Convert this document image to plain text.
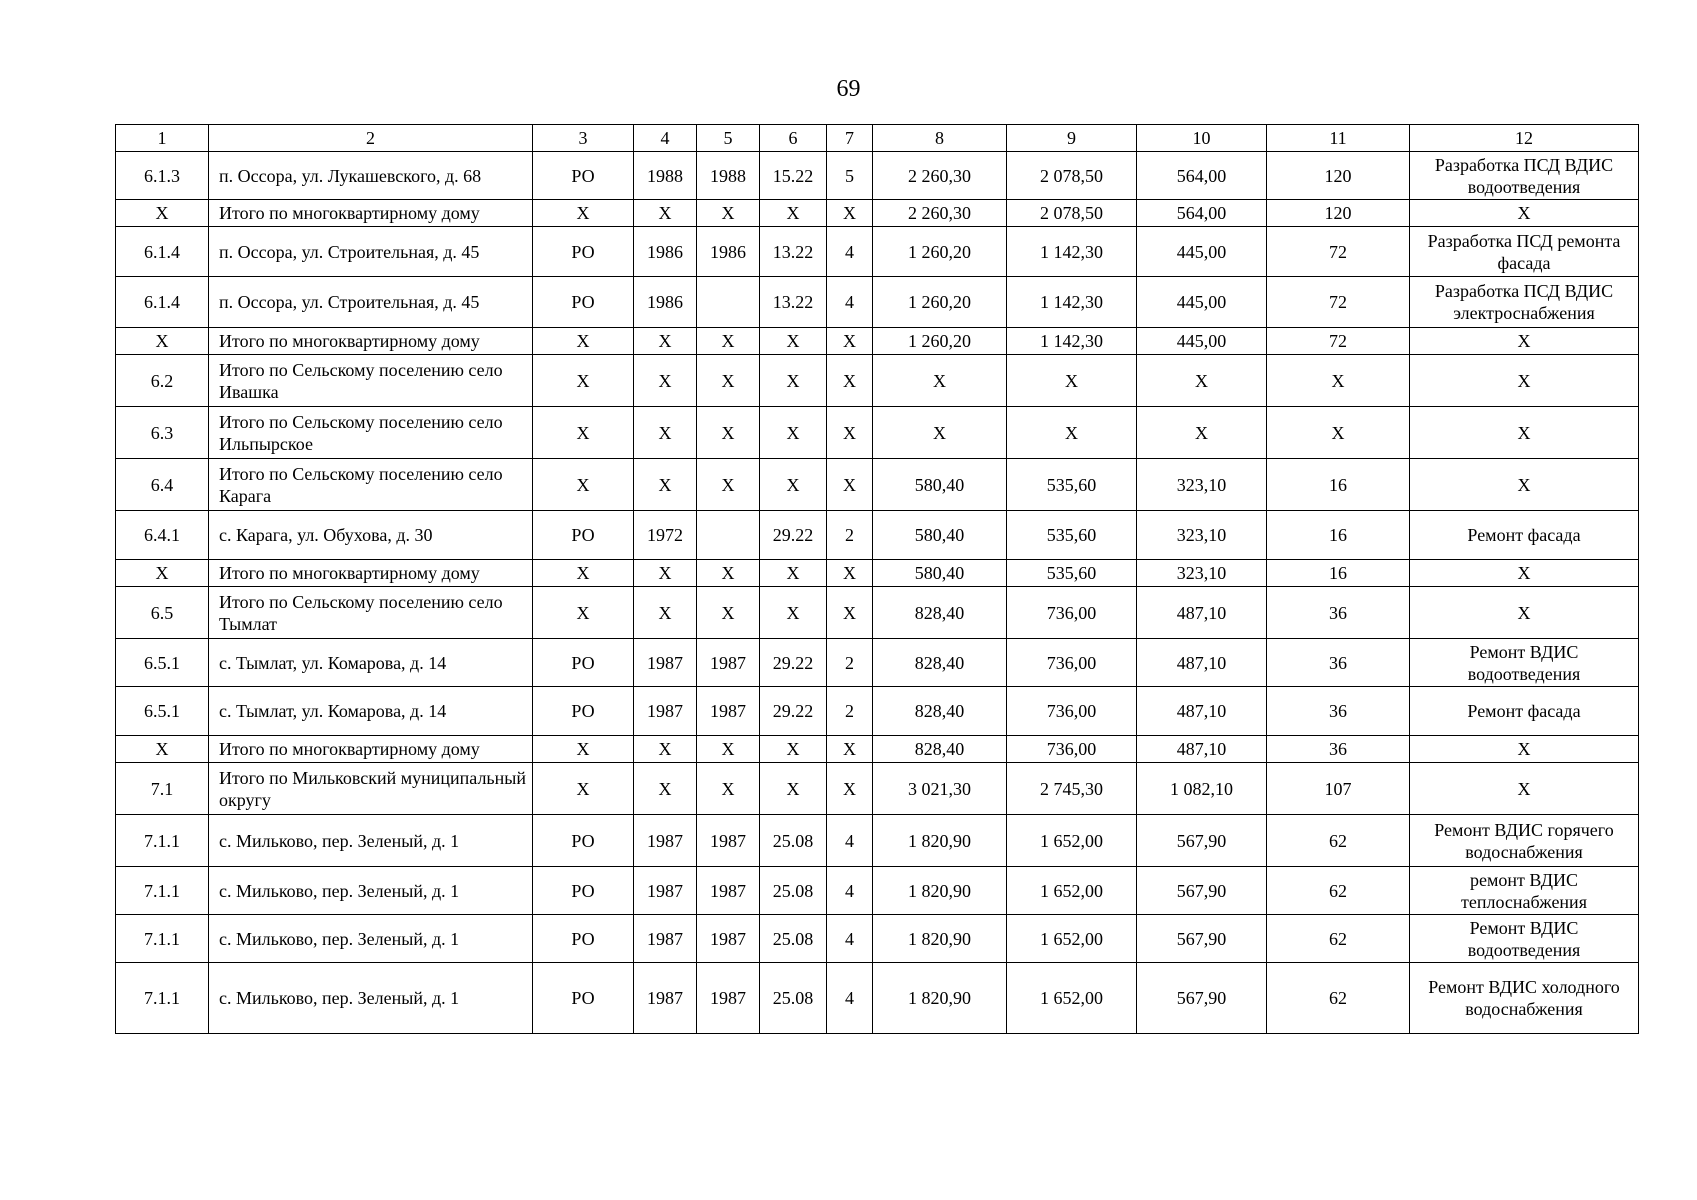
69
1	2	3	4	5	6	7	8	9	10	11	12
6.1.3	п. Оссора, ул. Лукашевского, д. 68	РО	1988	1988	15.22	5	2 260,30	2 078,50	564,00	120	Разработка ПСД ВДИС водоотведения
Х	Итого по многоквартирному дому	Х	Х	Х	Х	Х	2 260,30	2 078,50	564,00	120	Х
6.1.4	п. Оссора, ул. Строительная, д. 45	РО	1986	1986	13.22	4	1 260,20	1 142,30	445,00	72	Разработка ПСД ремонта фасада
6.1.4	п. Оссора, ул. Строительная, д. 45	РО	1986		13.22	4	1 260,20	1 142,30	445,00	72	Разработка ПСД ВДИС электроснабжения
Х	Итого по многоквартирному дому	Х	Х	Х	Х	Х	1 260,20	1 142,30	445,00	72	Х
6.2	Итого по Сельскому поселению село Ивашка	Х	Х	Х	Х	Х	Х	Х	Х	Х	Х
6.3	Итого по Сельскому поселению село Ильпырское	Х	Х	Х	Х	Х	Х	Х	Х	Х	Х
6.4	Итого по Сельскому поселению село Карага	Х	Х	Х	Х	Х	580,40	535,60	323,10	16	Х
6.4.1	с. Карага, ул. Обухова, д. 30	РО	1972		29.22	2	580,40	535,60	323,10	16	Ремонт фасада
Х	Итого по многоквартирному дому	Х	Х	Х	Х	Х	580,40	535,60	323,10	16	Х
6.5	Итого по Сельскому поселению село Тымлат	Х	Х	Х	Х	Х	828,40	736,00	487,10	36	Х
6.5.1	с. Тымлат, ул. Комарова, д. 14	РО	1987	1987	29.22	2	828,40	736,00	487,10	36	Ремонт ВДИС водоотведения
6.5.1	с. Тымлат, ул. Комарова, д. 14	РО	1987	1987	29.22	2	828,40	736,00	487,10	36	Ремонт фасада
Х	Итого по многоквартирному дому	Х	Х	Х	Х	Х	828,40	736,00	487,10	36	Х
7.1	Итого по Мильковский муниципальный округу	Х	Х	Х	Х	Х	3 021,30	2 745,30	1 082,10	107	Х
7.1.1	с. Мильково, пер. Зеленый, д. 1	РО	1987	1987	25.08	4	1 820,90	1 652,00	567,90	62	Ремонт ВДИС горячего водоснабжения
7.1.1	с. Мильково, пер. Зеленый, д. 1	РО	1987	1987	25.08	4	1 820,90	1 652,00	567,90	62	ремонт ВДИС теплоснабжения
7.1.1	с. Мильково, пер. Зеленый, д. 1	РО	1987	1987	25.08	4	1 820,90	1 652,00	567,90	62	Ремонт ВДИС водоотведения
7.1.1	с. Мильково, пер. Зеленый, д. 1	РО	1987	1987	25.08	4	1 820,90	1 652,00	567,90	62	Ремонт ВДИС холодного водоснабжения
